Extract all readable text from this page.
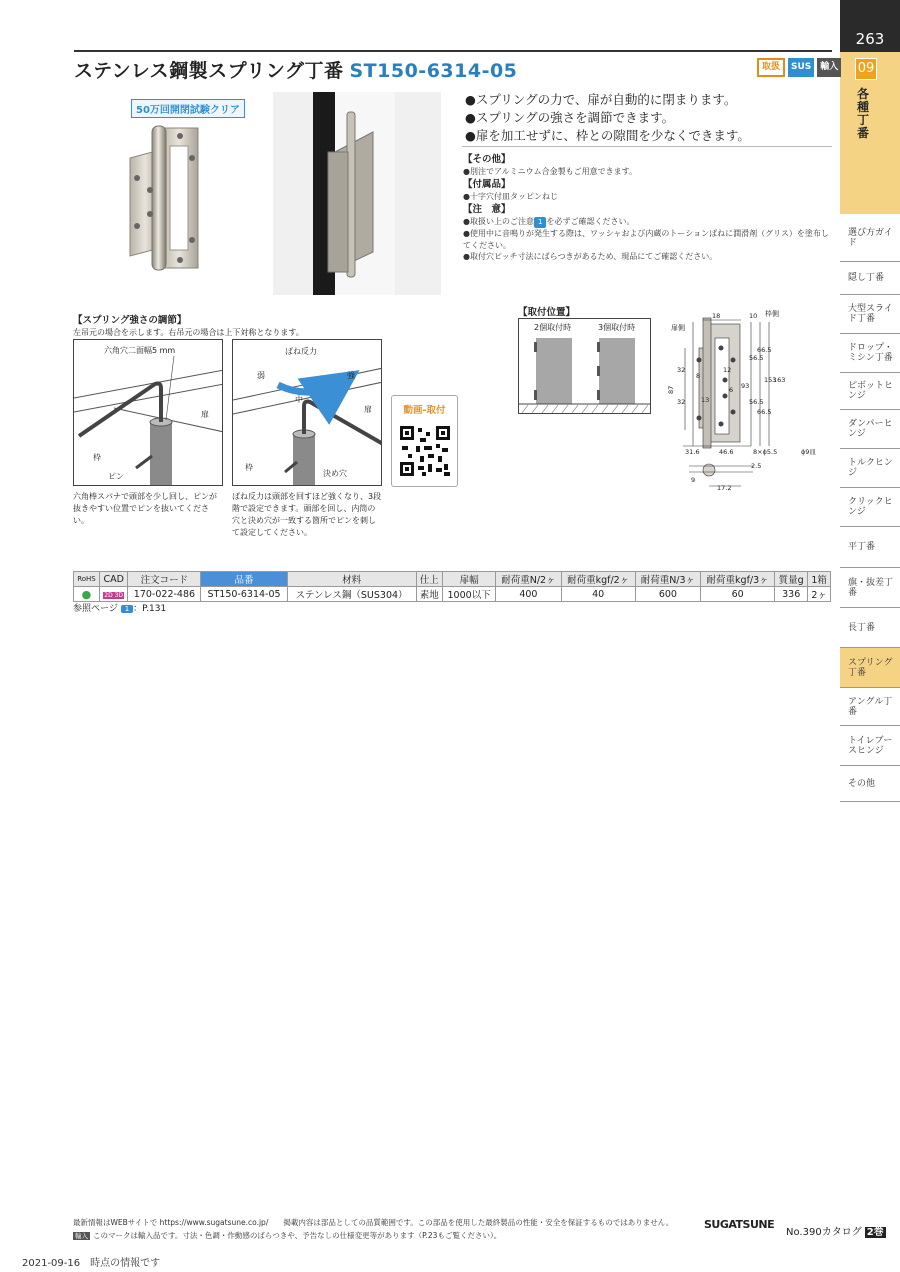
263
09
各種丁番
選び方ガイド
隠し丁番
大型スライド丁番
ドロップ・ミシン丁番
ピボットヒンジ
ダンパーヒンジ
トルクヒンジ
クリックヒンジ
平丁番
旗・抜差丁番
長丁番
スプリング丁番
アングル丁番
トイレブースヒンジ
その他
ステンレス鋼製スプリング丁番 ST150-6314-05	取扱	SUS	輸入
50万回開閉試験クリア
●スプリングの力で、扉が自動的に閉まります。
●スプリングの強さを調節できます。
●扉を加工せずに、枠との隙間を少なくできます。
【その他】
●別注でアルミニウム合金製もご用意できます。
【付属品】
●十字穴付皿タッピンねじ
【注　意】
●取扱い上のご注意 1 を必ずご確認ください。
●使用中に音鳴りが発生する際は、ワッシャおよび内蔵のトーションばねに潤滑剤（グリス）を塗布してください。
●取付穴ピッチ寸法にばらつきがあるため、現品にてご確認ください。
【スプリング強さの調節】
左吊元の場合を示します。右吊元の場合は上下対称となります。
六角穴二面幅5 mm
扉
枠
ピン
ばね反力
弱	強
中
扉
枠
決め穴
六角棒スパナで頭部を少し回し、ピンが抜きやすい位置でピンを抜いてください。
ばね反力は頭部を回すほど強くなり、3段階で設定できます。頭部を回し、内筒の穴と決め穴が一致する箇所でピンを刺して設定してください。
動画-取付
【取付位置】
2個取付時	3個取付時	扉側
枠側
18	10
87
32
32
8
13
12
6 93
56.5
66.5
153
163
56.5
66.5
31.6	46.6	8×ϕ5.5	ϕ9皿
2.5
9
17.2
RoHS	CAD	注文コード	品番	材料	仕上	扉幅	耐荷重N/2ヶ	耐荷重kgf/2ヶ	耐荷重N/3ヶ	耐荷重kgf/3ヶ	質量g	1箱
●	2D 3D	170-022-486	ST150-6314-05	ステンレス鋼（SUS304）	素地	1000以下	400	40	600	60	336	2ヶ
参照ページ 1 ：P.131
最新情報はWEBサイトで https://www.sugatsune.co.jp/　　掲載内容は部品としての品質範囲です。この部品を使用した最終製品の性能・安全を保証するものではありません。
輸入 このマークは輸入品です。寸法・色調・作動感のばらつきや、予告なしの仕様変更等があります（P.23もご覧ください）。
SUGATSUNE
No.390カタログ 2巻
2021-09-16　時点の情報です
